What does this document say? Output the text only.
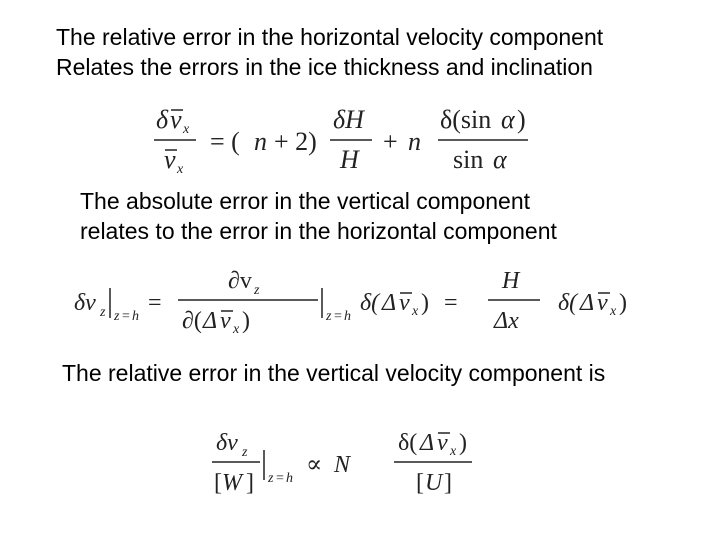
The relative error in the horizontal velocity component
Relates the errors in the ice thickness and inclination
δ v x
v x
= ( n + 2)
δH
H
+ n
δ(sin α )
sin α
The absolute error in the vertical component
relates to the error in the horizontal component
δv z z = h
=
∂v z
∂( Δ v x )	z = h
δ( Δ v x ) =
H
Δx
δ( Δ v x )
The relative error in the vertical velocity component is
δv z
[ W ] z = h
∝ N
δ( Δ v x )
[ U ]
